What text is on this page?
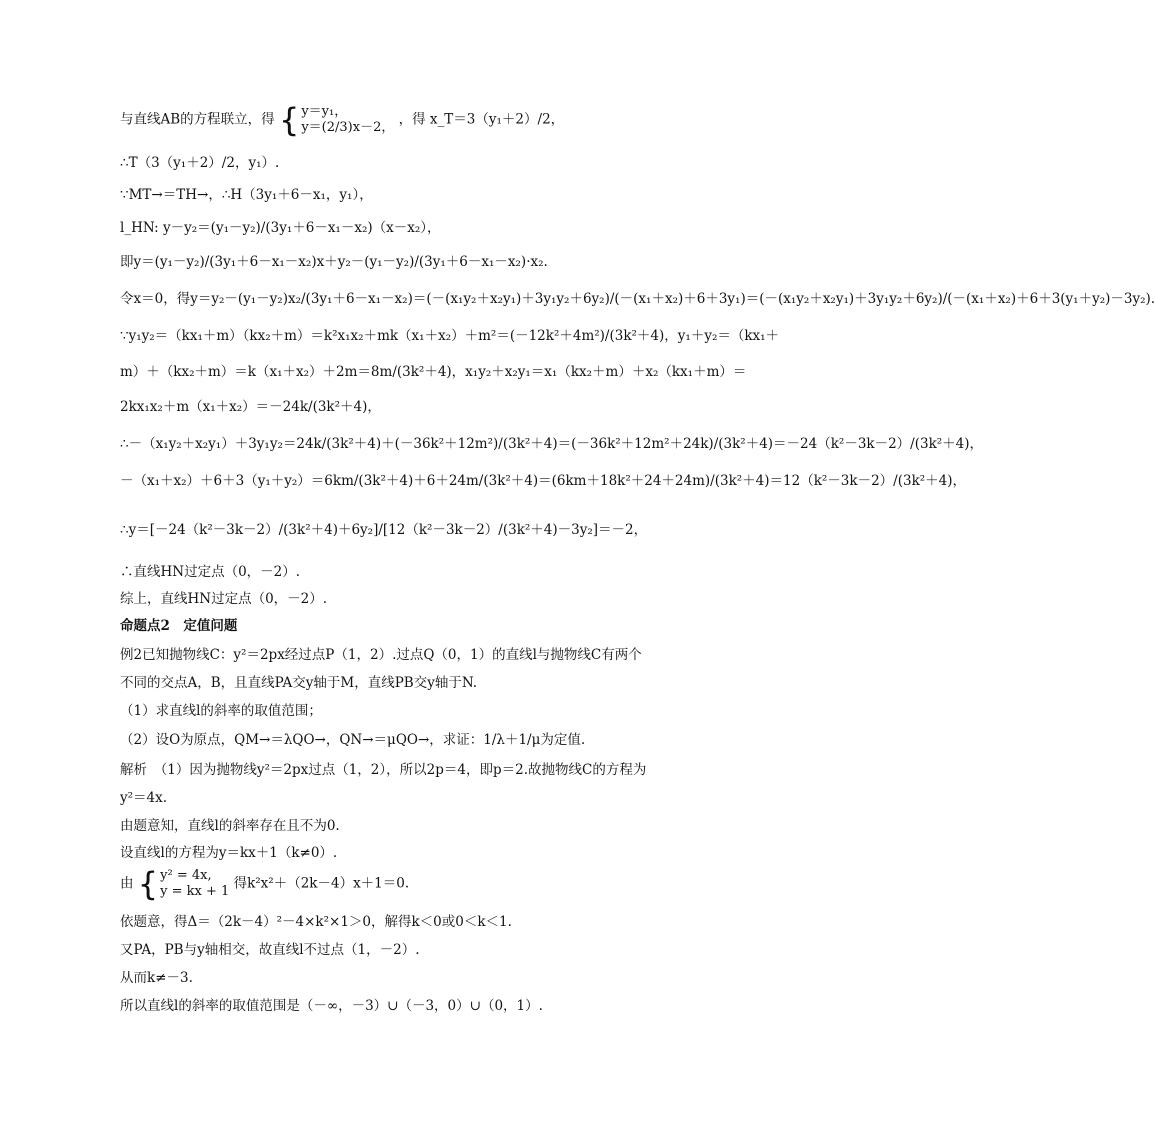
与直线AB的方程联立，得 { y＝y₁，
y＝(2/3)x－2， ，得 x_T＝3（y₁＋2）/2，
∴T（3（y₁＋2）/2，y₁）.
∵MT→＝TH→，∴H（3y₁＋6－x₁，y₁），
l_HN: y－y₂＝(y₁－y₂)/(3y₁＋6－x₁－x₂)（x－x₂），
即y＝(y₁－y₂)/(3y₁＋6－x₁－x₂)x＋y₂－(y₁－y₂)/(3y₁＋6－x₁－x₂)·x₂.
令x＝0，得y＝y₂－(y₁－y₂)x₂/(3y₁＋6－x₁－x₂)＝(－(x₁y₂＋x₂y₁)＋3y₁y₂＋6y₂)/(－(x₁＋x₂)＋6＋3y₁)＝(－(x₁y₂＋x₂y₁)＋3y₁y₂＋6y₂)/(－(x₁＋x₂)＋6＋3(y₁＋y₂)－3y₂).
∵y₁y₂＝（kx₁＋m）（kx₂＋m）＝k²x₁x₂＋mk（x₁＋x₂）＋m²＝(－12k²＋4m²)/(3k²＋4)，y₁＋y₂＝（kx₁＋
m）＋（kx₂＋m）＝k（x₁＋x₂）＋2m＝8m/(3k²＋4)，x₁y₂＋x₂y₁＝x₁（kx₂＋m）＋x₂（kx₁＋m）＝
2kx₁x₂＋m（x₁＋x₂）＝－24k/(3k²＋4)，
∴－（x₁y₂＋x₂y₁）＋3y₁y₂＝24k/(3k²＋4)＋(－36k²＋12m²)/(3k²＋4)＝(－36k²＋12m²＋24k)/(3k²＋4)＝－24（k²－3k－2）/(3k²＋4)，
－（x₁＋x₂）＋6＋3（y₁＋y₂）＝6km/(3k²＋4)＋6＋24m/(3k²＋4)＝(6km＋18k²＋24＋24m)/(3k²＋4)＝12（k²－3k－2）/(3k²＋4)，
∴y＝[－24（k²－3k－2）/(3k²＋4)＋6y₂]/[12（k²－3k－2）/(3k²＋4)－3y₂]＝－2，
∴直线HN过定点（0，－2）.
综上，直线HN过定点（0，－2）.
命题点2　定值问题
例2已知抛物线C：y²＝2px经过点P（1，2）.过点Q（0，1）的直线l与抛物线C有两个
不同的交点A，B，且直线PA交y轴于M，直线PB交y轴于N.
（1）求直线l的斜率的取值范围；
（2）设O为原点，QM→＝λQO→，QN→＝μQO→，求证：1/λ＋1/μ为定值.
解析　（1）因为抛物线y²＝2px过点（1，2），所以2p＝4，即p＝2.故抛物线C的方程为
y²＝4x.
由题意知，直线l的斜率存在且不为0.
设直线l的方程为y＝kx＋1（k≠0）.
由 { y² = 4x,
y = kx + 1 得k²x²＋（2k－4）x＋1＝0.
依题意，得Δ＝（2k－4）²－4×k²×1＞0，解得k＜0或0＜k＜1.
又PA，PB与y轴相交，故直线l不过点（1，－2）.
从而k≠－3.
所以直线l的斜率的取值范围是（－∞，－3）∪（－3，0）∪（0，1）.
